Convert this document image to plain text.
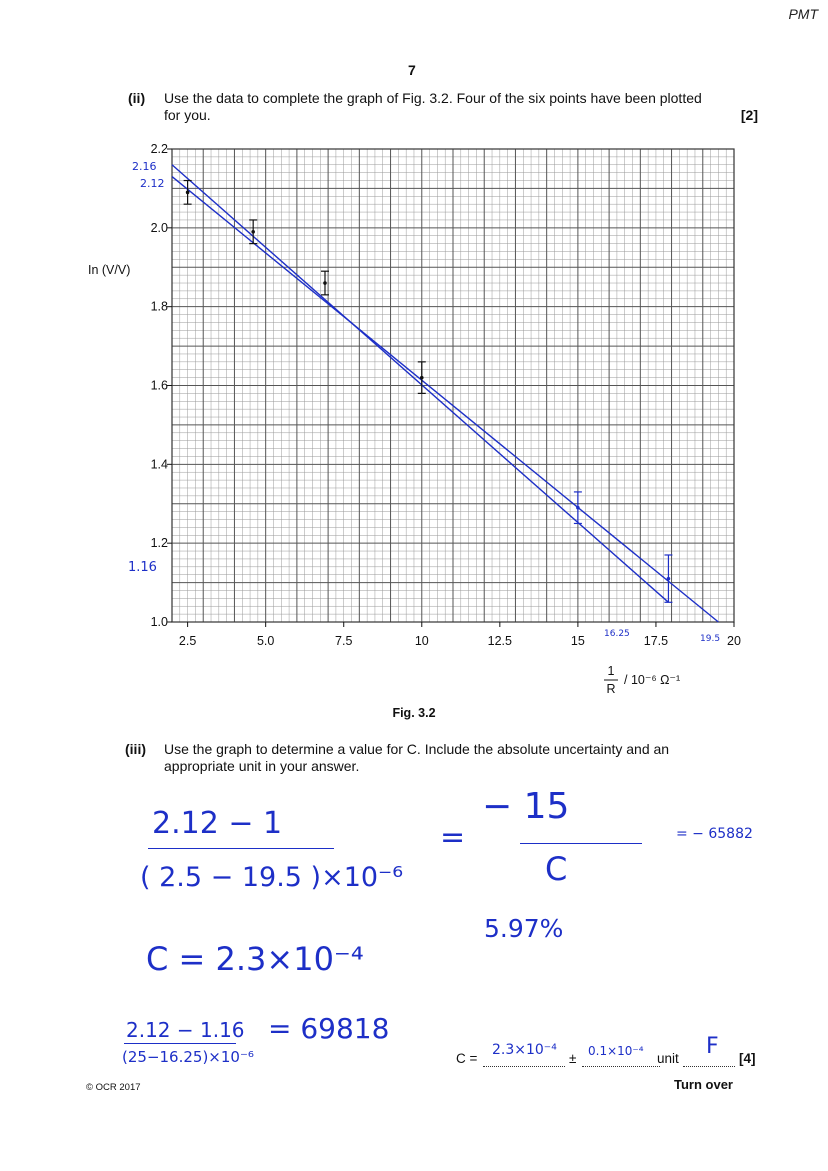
PMT
7
(ii) Use the data to complete the graph of Fig. 3.2. Four of the six points have been plotted
for you.	[2]
2.5	5.0	7.5	10	12.5	15	17.5	20
1.0
1.2
1.4
1.6
1.8
2.0
2.2
In (V/V)
1
R
/ 10⁻⁶ Ω⁻¹
2.16
2.12
1.16
16.25	19.5
Fig. 3.2
(iii) Use the graph to determine a value for C. Include the absolute uncertainty and an
appropriate unit in your answer.
2.12 − 1
( 2.5 − 19.5 )×10⁻⁶
=
− 15
C
= − 65882
5.97%
C = 2.3×10⁻⁴
2.12 − 1.16
(25−16.25)×10⁻⁶
= 69818
C =
2.3×10⁻⁴
± 0.1×10⁻⁴ unit F [4]
© OCR 2017	Turn over
